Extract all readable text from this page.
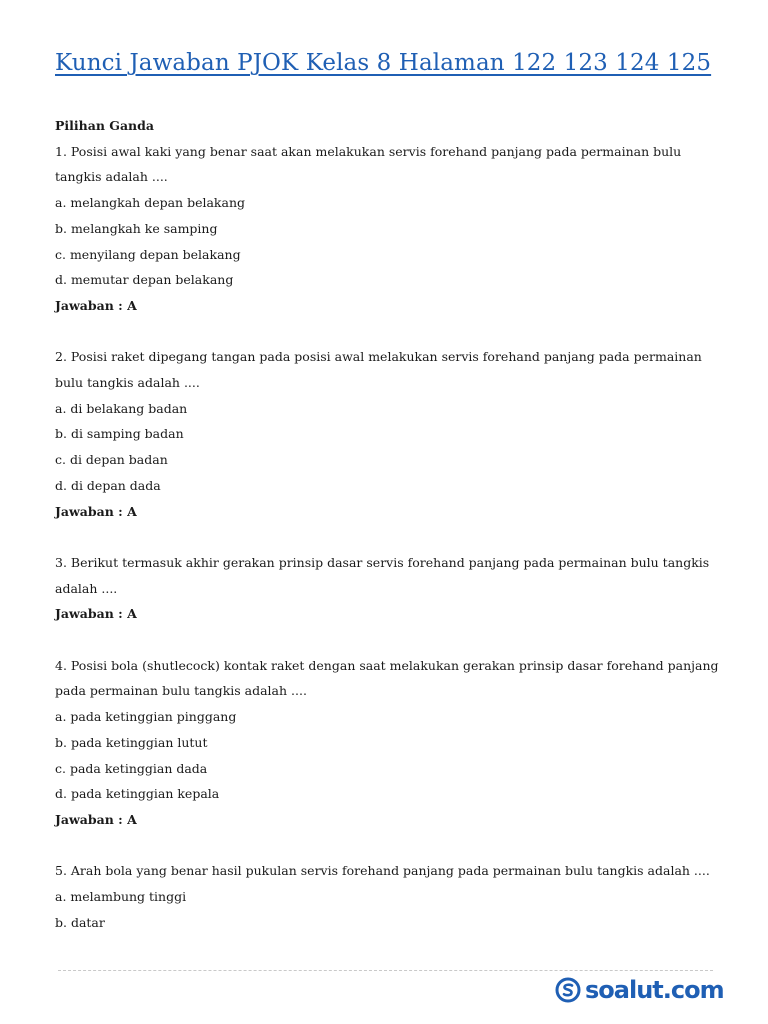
Kunci Jawaban PJOK Kelas 8 Halaman 122 123 124 125
Pilihan Ganda

1. Posisi awal kaki yang benar saat akan melakukan servis forehand panjang pada permainan bulu tangkis adalah ....

a. melangkah depan belakang

b. melangkah ke samping

c. menyilang depan belakang

d. memutar depan belakang

Jawaban : A

2. Posisi raket dipegang tangan pada posisi awal melakukan servis forehand panjang pada permainan bulu tangkis adalah ....

a. di belakang badan

b. di samping badan

c. di depan badan

d. di depan dada

Jawaban : A

3. Berikut termasuk akhir gerakan prinsip dasar servis forehand panjang pada permainan bulu tangkis adalah ....

Jawaban : A

4. Posisi bola (shutlecock) kontak raket dengan saat melakukan gerakan prinsip dasar forehand panjang pada permainan bulu tangkis adalah ....

a. pada ketinggian pinggang

b. pada ketinggian lutut

c. pada ketinggian dada

d. pada ketinggian kepala

Jawaban : A

5. Arah bola yang benar hasil pukulan servis forehand panjang pada permainan bulu tangkis adalah ....

a. melambung tinggi

b. datar

soalut.com
